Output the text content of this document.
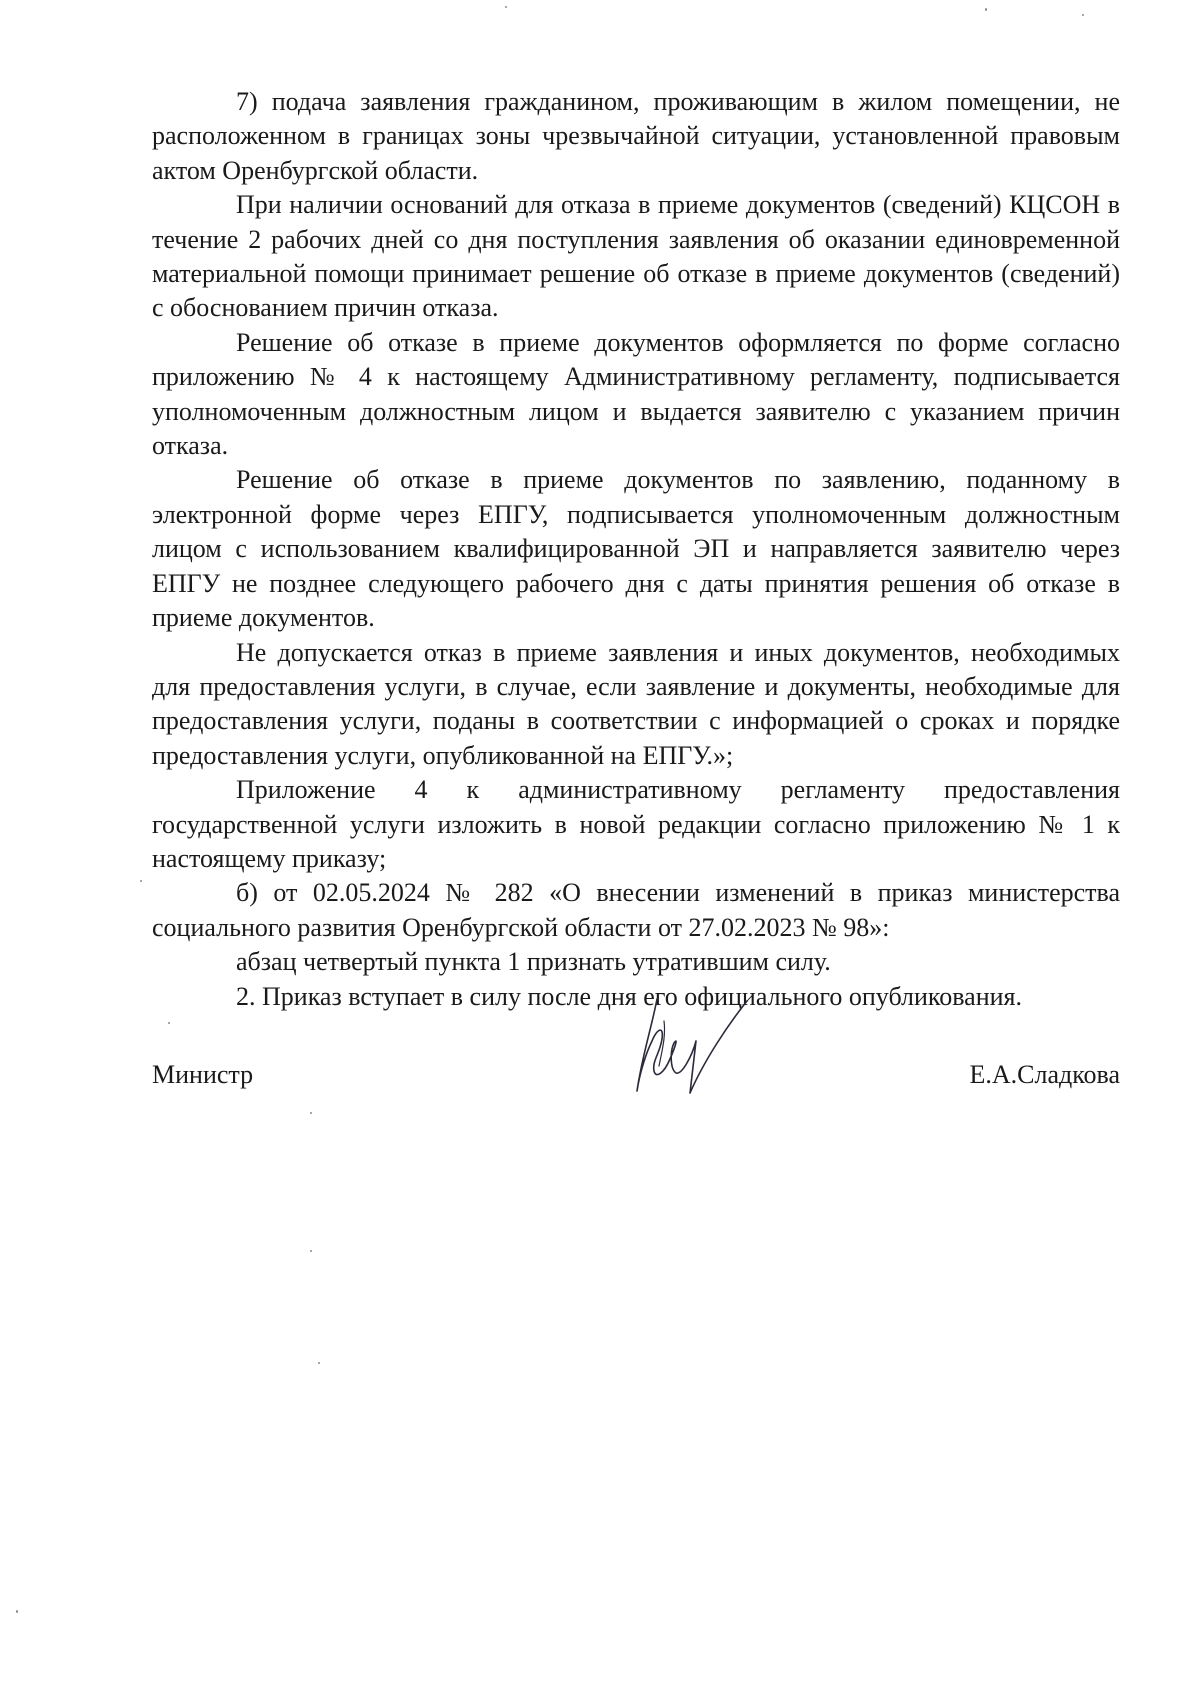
7) подача заявления гражданином, проживающим в жилом помещении, не расположенном в границах зоны чрезвычайной ситуации, установленной правовым актом Оренбургской области.

При наличии оснований для отказа в приеме документов (сведений) КЦСОН в течение 2 рабочих дней со дня поступления заявления об оказании единовременной материальной помощи принимает решение об отказе в приеме документов (сведений) с обоснованием причин отказа.

Решение об отказе в приеме документов оформляется по форме согласно приложению № 4 к настоящему Административному регламенту, подписывается уполномоченным должностным лицом и выдается заявителю с указанием причин отказа.

Решение об отказе в приеме документов по заявлению, поданному в электронной форме через ЕПГУ, подписывается уполномоченным должностным лицом с использованием квалифицированной ЭП и направляется заявителю через ЕПГУ не позднее следующего рабочего дня с даты принятия решения об отказе в приеме документов.

Не допускается отказ в приеме заявления и иных документов, необходимых для предоставления услуги, в случае, если заявление и документы, необходимые для предоставления услуги, поданы в соответствии с информацией о сроках и порядке предоставления услуги, опубликованной на ЕПГУ.»;

Приложение 4 к административному регламенту предоставления государственной услуги изложить в новой редакции согласно приложению № 1 к настоящему приказу;

б) от 02.05.2024 № 282 «О внесении изменений в приказ министерства социального развития Оренбургской области от 27.02.2023 № 98»:

абзац четвертый пункта 1 признать утратившим силу.

2. Приказ вступает в силу после дня его официального опубликования.

Министр	Е.А.Сладкова
